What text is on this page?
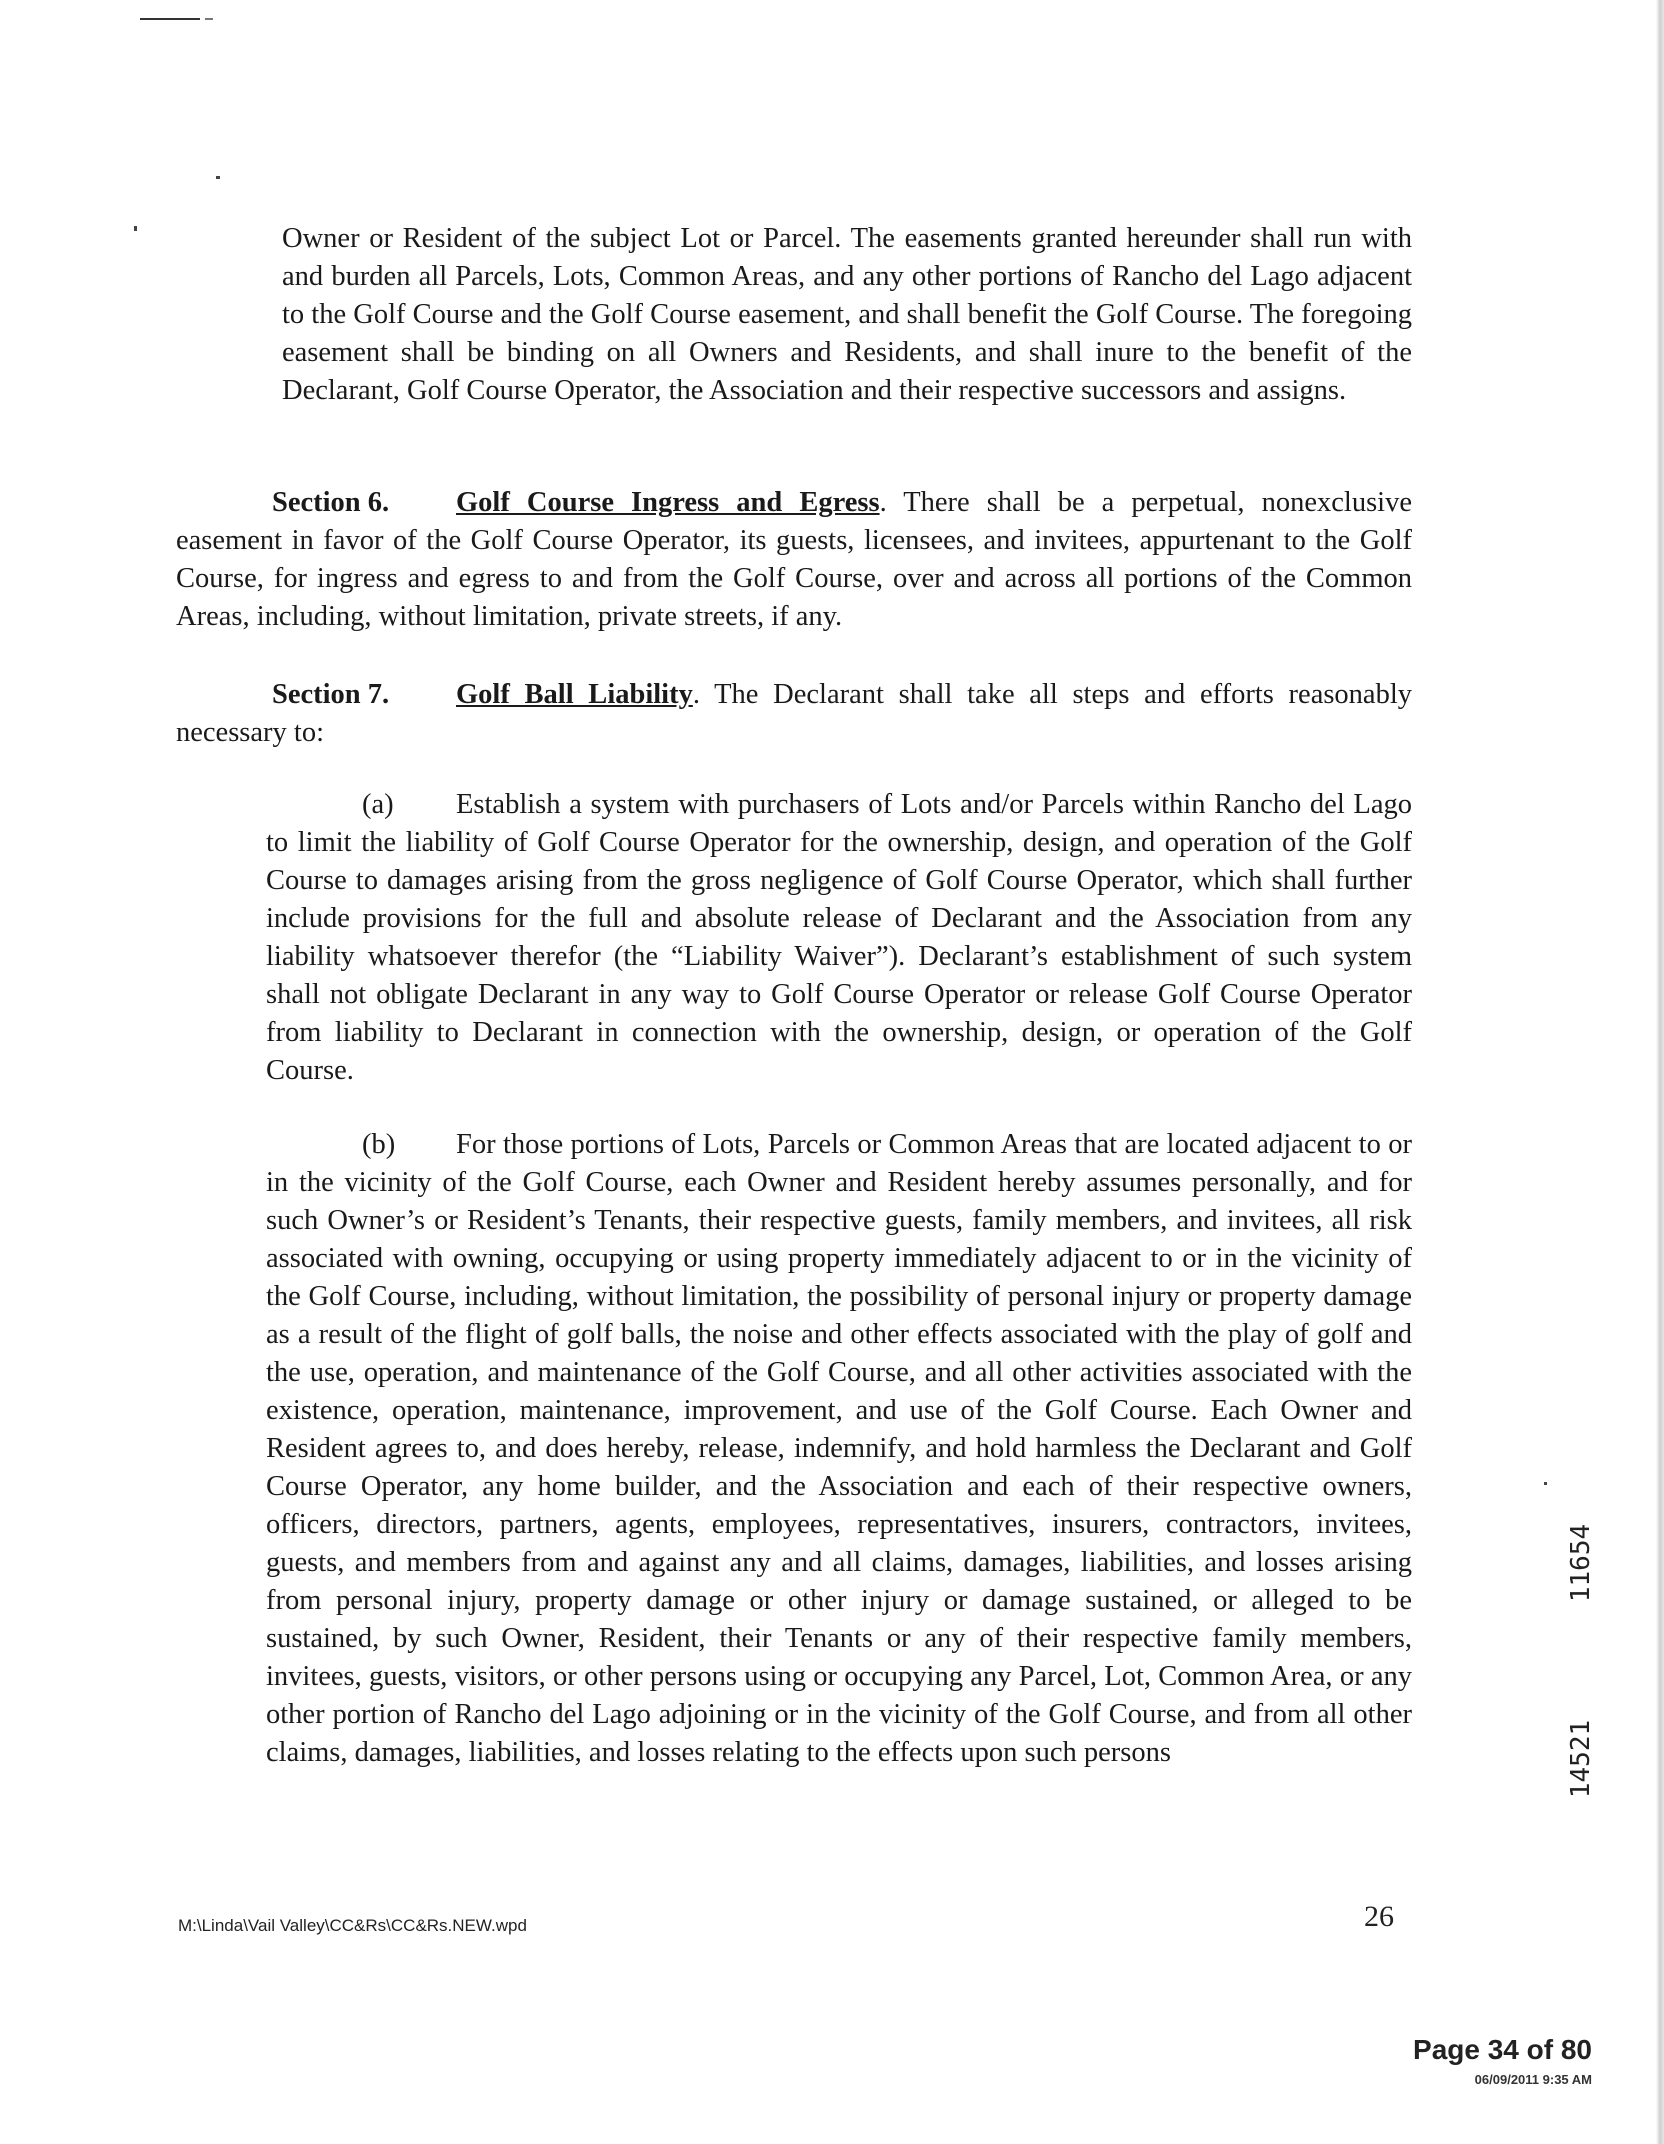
Owner or Resident of the subject Lot or Parcel. The easements granted hereunder shall run with and burden all Parcels, Lots, Common Areas, and any other portions of Rancho del Lago adjacent to the Golf Course and the Golf Course easement, and shall benefit the Golf Course. The foregoing easement shall be binding on all Owners and Residents, and shall inure to the benefit of the Declarant, Golf Course Operator, the Association and their respective successors and assigns.

Section 6. Golf Course Ingress and Egress. There shall be a perpetual, nonexclusive easement in favor of the Golf Course Operator, its guests, licensees, and invitees, appurtenant to the Golf Course, for ingress and egress to and from the Golf Course, over and across all portions of the Common Areas, including, without limitation, private streets, if any.

Section 7. Golf Ball Liability. The Declarant shall take all steps and efforts reasonably necessary to:

(a) Establish a system with purchasers of Lots and/or Parcels within Rancho del Lago to limit the liability of Golf Course Operator for the ownership, design, and operation of the Golf Course to damages arising from the gross negligence of Golf Course Operator, which shall further include provisions for the full and absolute release of Declarant and the Association from any liability whatsoever therefor (the “Liability Waiver”). Declarant’s establishment of such system shall not obligate Declarant in any way to Golf Course Operator or release Golf Course Operator from liability to Declarant in connection with the ownership, design, or operation of the Golf Course.

(b) For those portions of Lots, Parcels or Common Areas that are located adjacent to or in the vicinity of the Golf Course, each Owner and Resident hereby assumes personally, and for such Owner’s or Resident’s Tenants, their respective guests, family members, and invitees, all risk associated with owning, occupying or using property immediately adjacent to or in the vicinity of the Golf Course, including, without limitation, the possibility of personal injury or property damage as a result of the flight of golf balls, the noise and other effects associated with the play of golf and the use, operation, and maintenance of the Golf Course, and all other activities associated with the existence, operation, maintenance, improvement, and use of the Golf Course. Each Owner and Resident agrees to, and does hereby, release, indemnify, and hold harmless the Declarant and Golf Course Operator, any home builder, and the Association and each of their respective owners, officers, directors, partners, agents, employees, representatives, insurers, contractors, invitees, guests, and members from and against any and all claims, damages, liabilities, and losses arising from personal injury, property damage or other injury or damage sustained, or alleged to be sustained, by such Owner, Resident, their Tenants or any of their respective family members, invitees, guests, visitors, or other persons using or occupying any Parcel, Lot, Common Area, or any other portion of Rancho del Lago adjoining or in the vicinity of the Golf Course, and from all other claims, damages, liabilities, and losses relating to the effects upon such persons

M:\Linda\Vail Valley\CC&Rs\CC&Rs.NEW.wpd	26
11654
14521
Page 34 of 80
06/09/2011 9:35 AM
